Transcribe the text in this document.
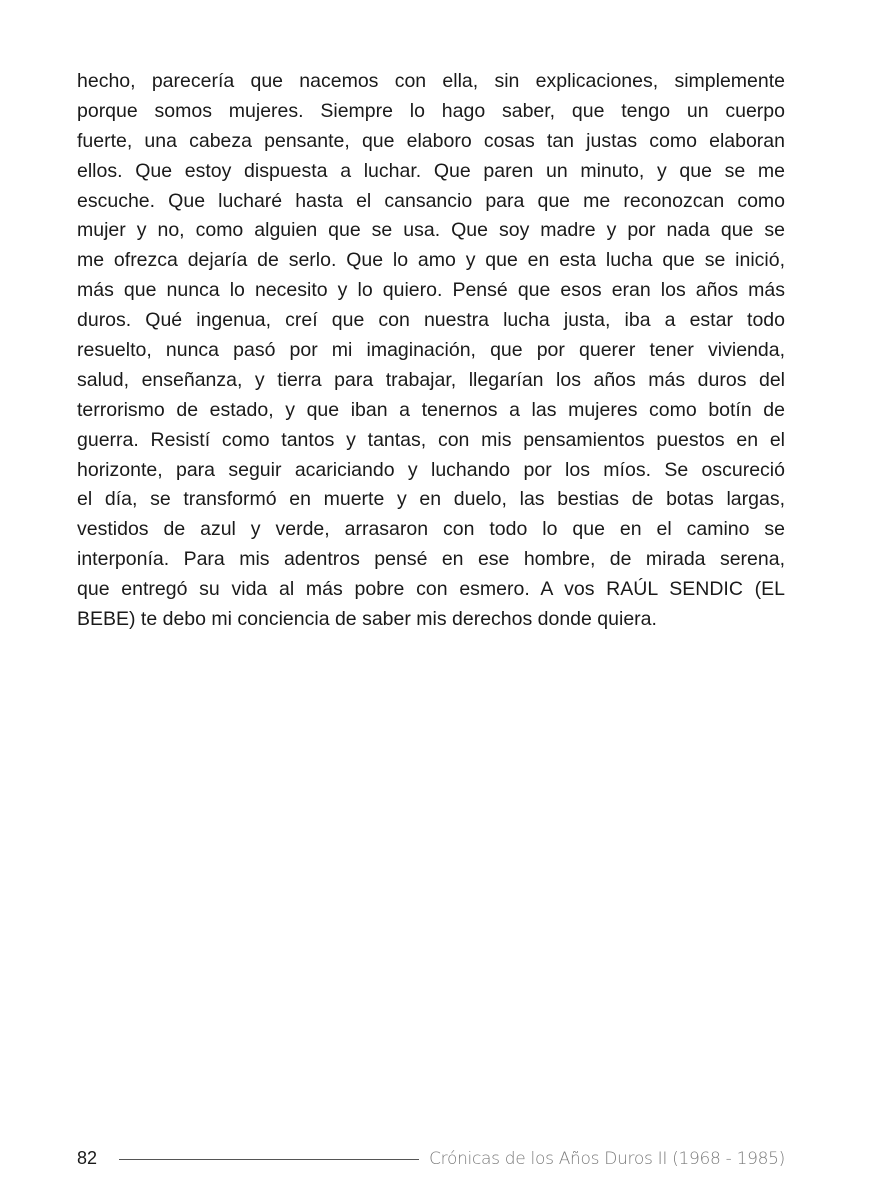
hecho, parecería que nacemos con ella, sin explicaciones, simplemente
porque somos mujeres. Siempre lo hago saber, que tengo un cuerpo
fuerte, una cabeza pensante, que elaboro cosas tan justas como elaboran
ellos. Que estoy dispuesta a luchar. Que paren un minuto, y que se me
escuche. Que lucharé hasta el cansancio para que me reconozcan como
mujer y no, como alguien que se usa. Que soy madre y por nada que se
me ofrezca dejaría de serlo. Que lo amo y que en esta lucha que se inició,
más que nunca lo necesito y lo quiero. Pensé que esos eran los años más
duros. Qué ingenua, creí que con nuestra lucha justa, iba a estar todo
resuelto, nunca pasó por mi imaginación, que por querer tener vivienda,
salud, enseñanza, y tierra para trabajar, llegarían los años más duros del
terrorismo de estado, y que iban a tenernos a las mujeres como botín de
guerra. Resistí como tantos y tantas, con mis pensamientos puestos en el
horizonte, para seguir acariciando y luchando por los míos. Se oscureció
el día, se transformó en muerte y en duelo, las bestias de botas largas,
vestidos de azul y verde, arrasaron con todo lo que en el camino se
interponía. Para mis adentros pensé en ese hombre, de mirada serena,
que entregó su vida al más pobre con esmero. A vos RAÚL SENDIC (EL
BEBE) te debo mi conciencia de saber mis derechos donde quiera.
82	Crónicas de los Años Duros II (1968 - 1985)
